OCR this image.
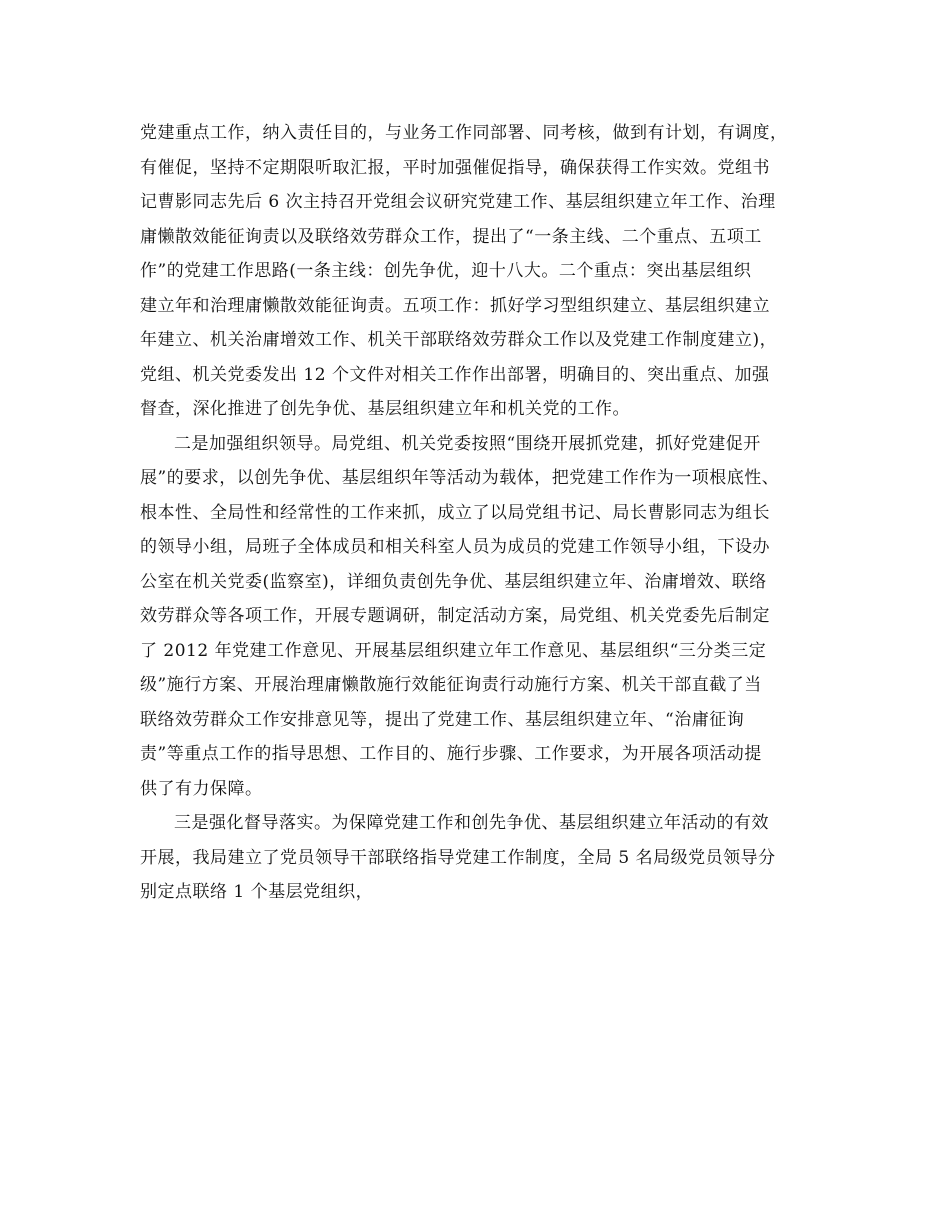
党建重点工作，纳入责任目的，与业务工作同部署、同考核，做到有计划，有调度，
有催促，坚持不定期限听取汇报，平时加强催促指导，确保获得工作实效。党组书
记曹影同志先后 6 次主持召开党组会议研究党建工作、基层组织建立年工作、治理
庸懒散效能征询责以及联络效劳群众工作，提出了“一条主线、二个重点、五项工
作”的党建工作思路(一条主线：创先争优，迎十八大。二个重点：突出基层组织
建立年和治理庸懒散效能征询责。五项工作：抓好学习型组织建立、基层组织建立
年建立、机关治庸增效工作、机关干部联络效劳群众工作以及党建工作制度建立)，
党组、机关党委发出 12 个文件对相关工作作出部署，明确目的、突出重点、加强
督查，深化推进了创先争优、基层组织建立年和机关党的工作。
二是加强组织领导。局党组、机关党委按照“围绕开展抓党建，抓好党建促开
展”的要求，以创先争优、基层组织年等活动为载体，把党建工作作为一项根底性、
根本性、全局性和经常性的工作来抓，成立了以局党组书记、局长曹影同志为组长
的领导小组，局班子全体成员和相关科室人员为成员的党建工作领导小组，下设办
公室在机关党委(监察室)，详细负责创先争优、基层组织建立年、治庸增效、联络
效劳群众等各项工作，开展专题调研，制定活动方案，局党组、机关党委先后制定
了 2012 年党建工作意见、开展基层组织建立年工作意见、基层组织“三分类三定
级”施行方案、开展治理庸懒散施行效能征询责行动施行方案、机关干部直截了当
联络效劳群众工作安排意见等，提出了党建工作、基层组织建立年、“治庸征询
责”等重点工作的指导思想、工作目的、施行步骤、工作要求，为开展各项活动提
供了有力保障。
三是强化督导落实。为保障党建工作和创先争优、基层组织建立年活动的有效
开展，我局建立了党员领导干部联络指导党建工作制度，全局 5 名局级党员领导分
别定点联络 1 个基层党组织，
